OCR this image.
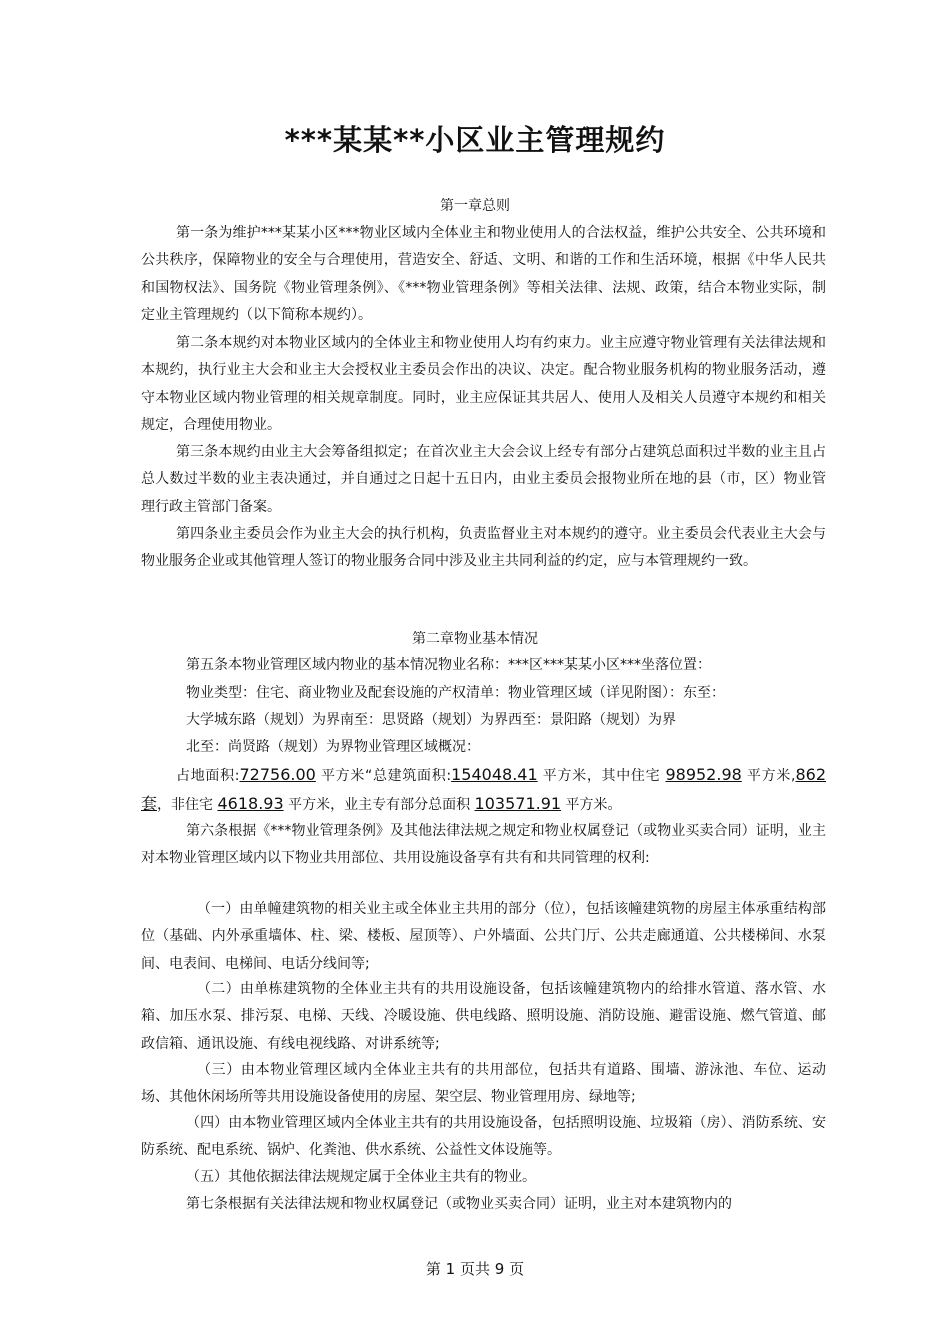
***某某**小区业主管理规约
第一章总则

第一条为维护***某某小区***物业区域内全体业主和物业使用人的合法权益，维护公共安全、公共环境和公共秩序，保障物业的安全与合理使用，营造安全、舒适、文明、和谐的工作和生活环境，根据《中华人民共和国物权法》、国务院《物业管理条例》、《***物业管理条例》等相关法律、法规、政策，结合本物业实际，制定业主管理规约（以下简称本规约）。

第二条本规约对本物业区域内的全体业主和物业使用人均有约束力。业主应遵守物业管理有关法律法规和本规约，执行业主大会和业主大会授权业主委员会作出的决议、决定。配合物业服务机构的物业服务活动，遵守本物业区域内物业管理的相关规章制度。同时，业主应保证其共居人、使用人及相关人员遵守本规约和相关规定，合理使用物业。

第三条本规约由业主大会筹备组拟定；在首次业主大会会议上经专有部分占建筑总面积过半数的业主且占总人数过半数的业主表决通过，并自通过之日起十五日内，由业主委员会报物业所在地的县（市，区）物业管理行政主管部门备案。

第四条业主委员会作为业主大会的执行机构，负责监督业主对本规约的遵守。业主委员会代表业主大会与物业服务企业或其他管理人签订的物业服务合同中涉及业主共同利益的约定，应与本管理规约一致。

第二章物业基本情况
第五条本物业管理区域内物业的基本情况物业名称：***区***某某小区***坐落位置：
物业类型：住宅、商业物业及配套设施的产权清单：物业管理区域（详见附图）：东至：
大学城东路（规划）为界南至：思贤路（规划）为界西至：景阳路（规划）为界
北至：尚贤路（规划）为界物业管理区域概况：

占地面积:72756.00 平方米“总建筑面积:154048.41 平方米，其中住宅 98952.98 平方米,862 套，非住宅 4618.93 平方米，业主专有部分总面积 103571.91 平方米。

第六条根据《***物业管理条例》及其他法律法规之规定和物业权属登记（或物业买卖合同）证明，业主对本物业管理区域内以下物业共用部位、共用设施设备享有共有和共同管理的权利:

（一）由单幢建筑物的相关业主或全体业主共用的部分（位），包括该幢建筑物的房屋主体承重结构部位（基础、内外承重墙体、柱、梁、楼板、屋顶等）、户外墙面、公共门厅、公共走廊通道、公共楼梯间、水泵间、电表间、电梯间、电话分线间等;

（二）由单栋建筑物的全体业主共有的共用设施设备，包括该幢建筑物内的给排水管道、落水管、水箱、加压水泵、排污泵、电梯、天线、冷暖设施、供电线路、照明设施、消防设施、避雷设施、燃气管道、邮政信箱、通讯设施、有线电视线路、对讲系统等;

（三）由本物业管理区域内全体业主共有的共用部位，包括共有道路、围墙、游泳池、车位、运动场、其他休闲场所等共用设施设备使用的房屋、架空层、物业管理用房、绿地等;

（四）由本物业管理区域内全体业主共有的共用设施设备，包括照明设施、垃圾箱（房）、消防系统、安防系统、配电系统、锅炉、化粪池、供水系统、公益性文体设施等。

（五）其他依据法律法规规定属于全体业主共有的物业。

第七条根据有关法律法规和物业权属登记（或物业买卖合同）证明，业主对本建筑物内的

第 1 页共 9 页
